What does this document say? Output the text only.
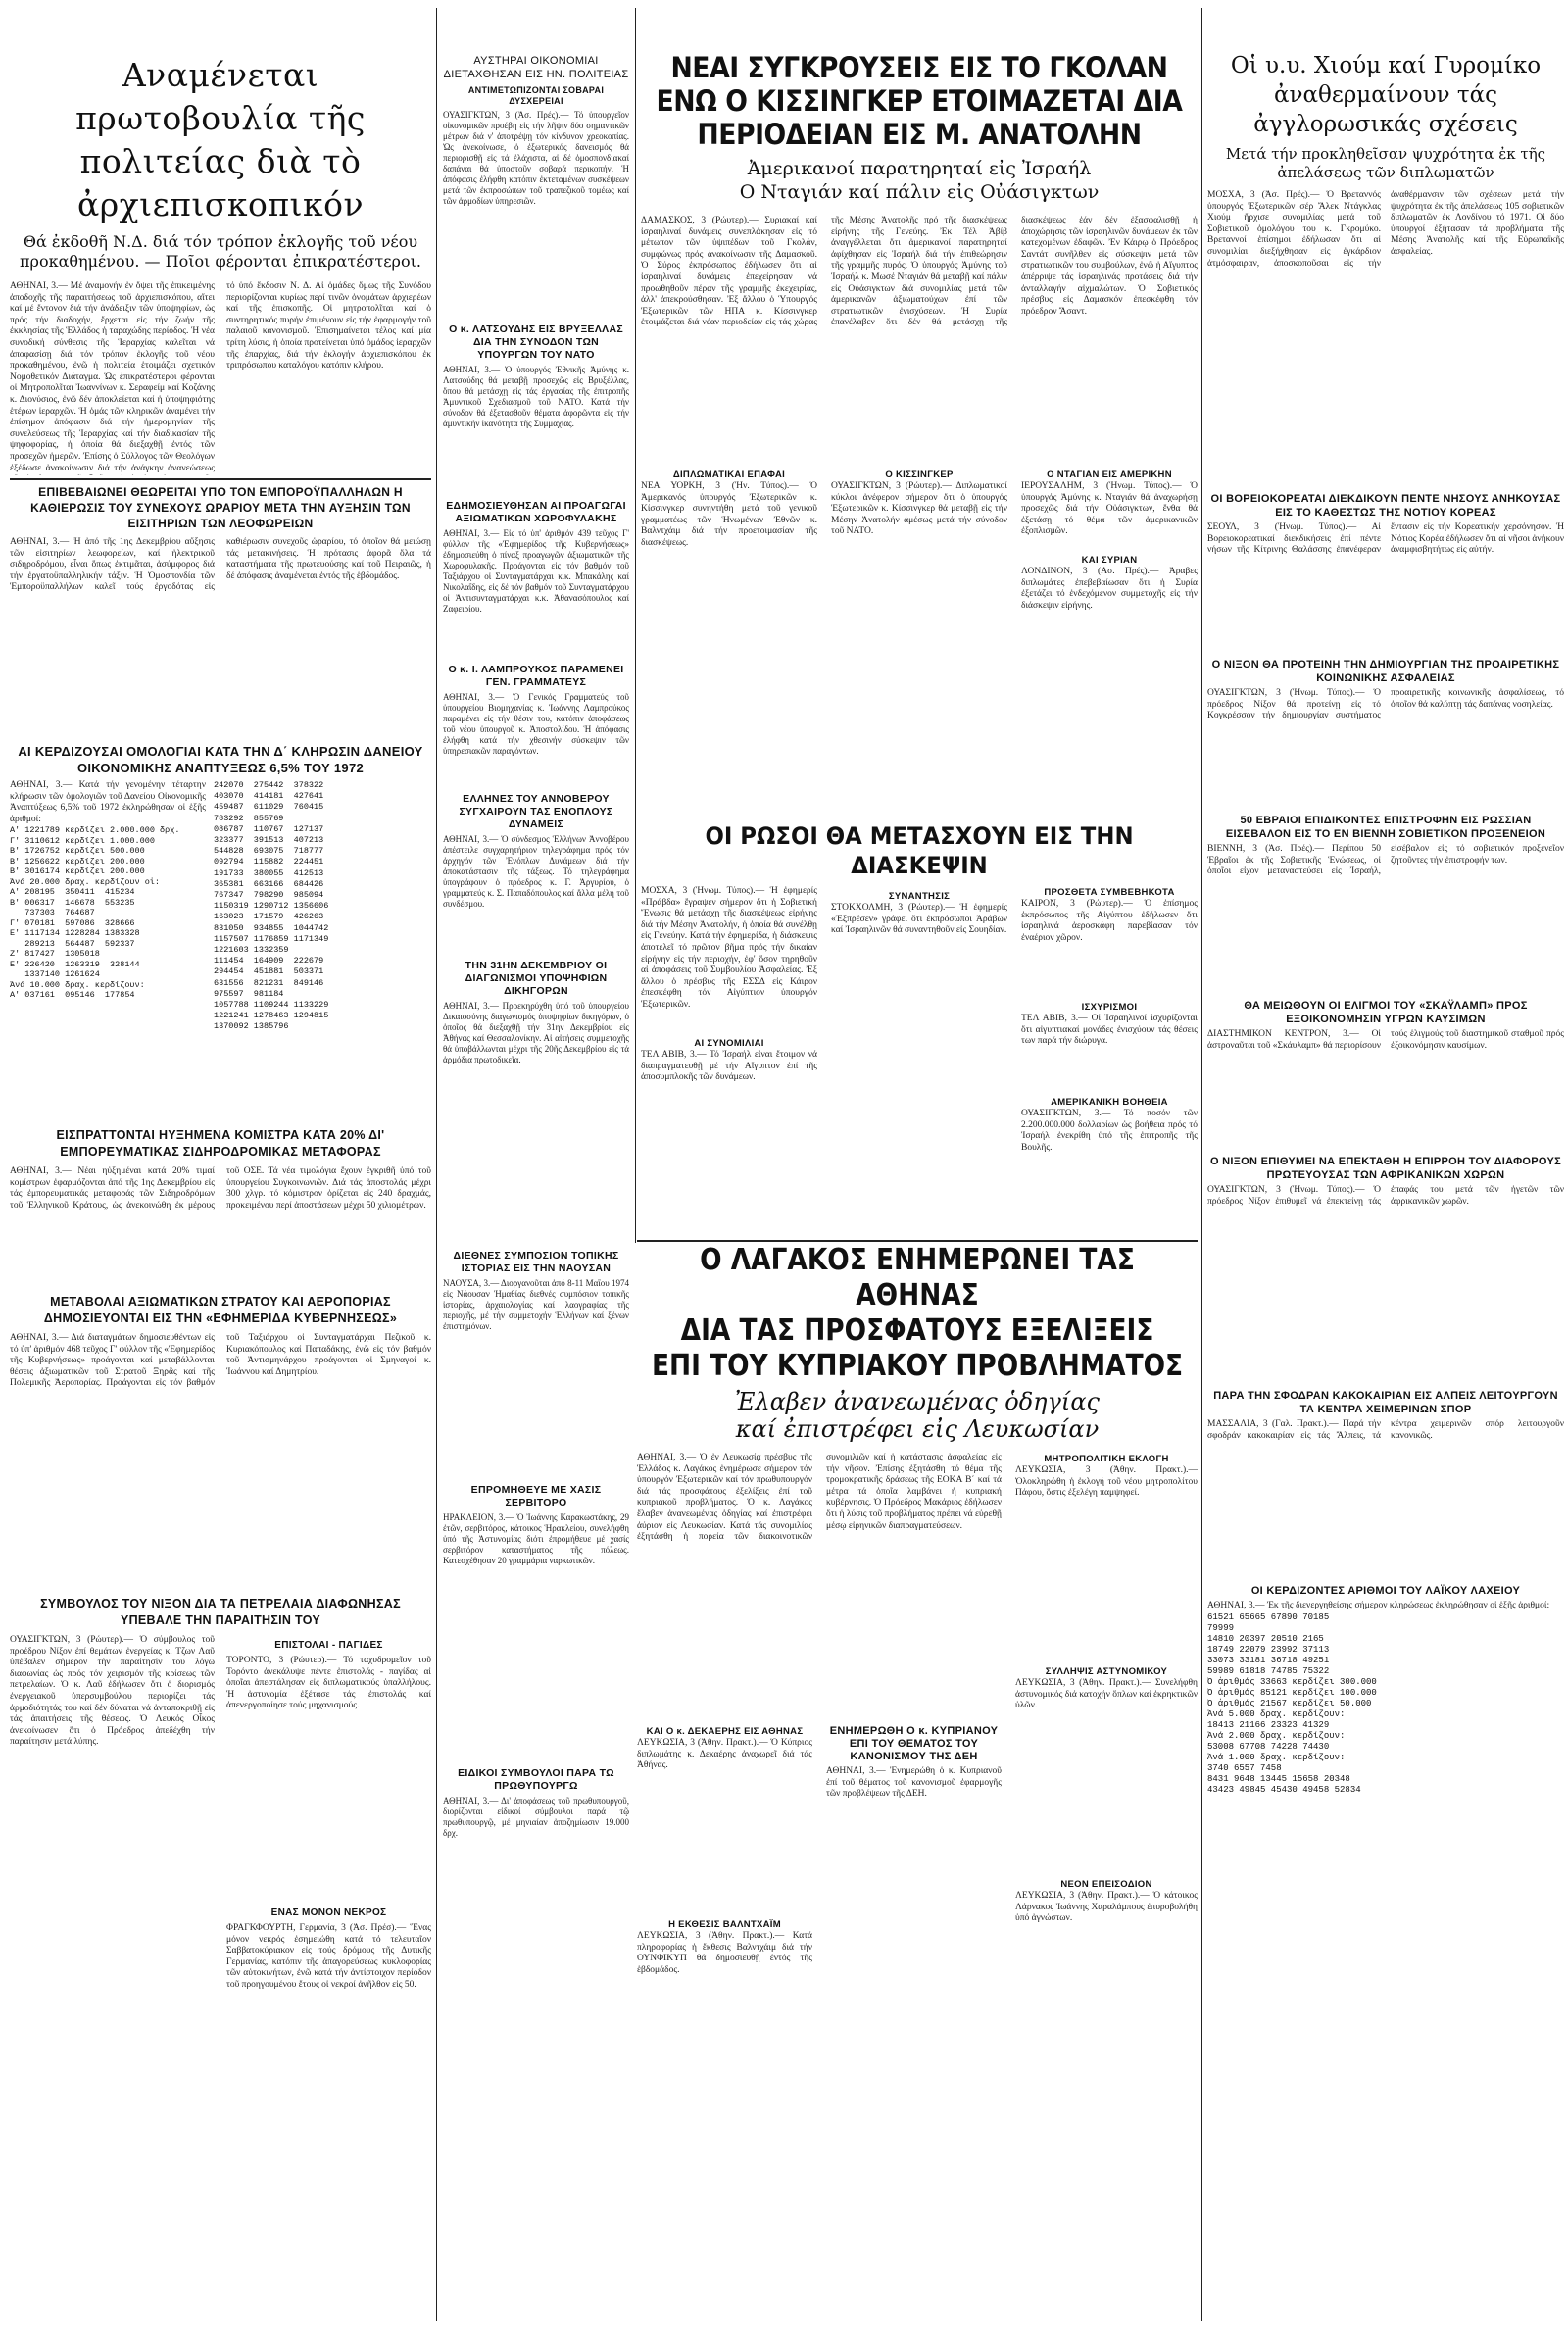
Αναμένεται πρωτοβουλία τῆς πολιτείας διὰ τὸ ἀρχιεπισκοπικόν
Θά ἐκδοθῆ Ν.Δ. διά τόν τρόπον ἐκλογῆς τοῦ νέου προκαθημένου. — Ποῖοι φέρονται ἐπικρατέστεροι.
ΑΘΗΝΑΙ, 3.— Μέ ἀναμονήν ἐν ὄψει τῆς ἐπικειμένης ἀποδοχῆς τῆς παραιτήσεως τοῦ ἀρχιεπισκόπου, αἴτει καί μέ ἔντονον διά τήν ἀνάδειξιν τῶν ὑποψηφίων, ὡς πρός τήν διαδοχήν, ἔρχεται εἰς τήν ζωήν τῆς ἐκκλησίας τῆς Ἑλλάδος ἡ ταραχώδης περίοδος. Ἡ νέα συνοδική σύνθεσις τῆς Ἱεραρχίας καλεῖται νά ἀποφασίσῃ διά τόν τρόπον ἐκλογῆς τοῦ νέου προκαθημένου, ἐνῶ ἡ πολιτεία ἑτοιμάζει σχετικόν Νομοθετικόν Διάταγμα. Ὡς ἐπικρατέστεροι φέρονται οἱ Μητροπολῖται Ἰωαννίνων κ. Σεραφείμ καί Κοζάνης κ. Διονύσιος, ἐνῶ δέν ἀποκλείεται καί ἡ ὑποψηφιότης ἑτέρων ἱεραρχῶν. Ἡ ὁμάς τῶν κληρικῶν ἀναμένει τήν ἐπίσημον ἀπόφασιν διά τήν ἡμερομηνίαν τῆς συνελεύσεως τῆς Ἱεραρχίας καί τήν διαδικασίαν τῆς ψηφοφορίας, ἡ ὁποία θά διεξαχθῇ ἐντός τῶν προσεχῶν ἡμερῶν. Ἐπίσης ὁ Σύλλογος τῶν Θεολόγων ἐξέδωσε ἀνακοίνωσιν διά τήν ἀνάγκην ἀνανεώσεως
τό ὑπό ἔκδοσιν Ν. Δ. Αἱ ὁμάδες ὅμως τῆς Συνόδου περιορίζονται κυρίως περί τινῶν ὀνομάτων ἀρχιερέων καί τῆς ἐπισκοπῆς. Οἱ μητροπολῖται καί ὁ συντηρητικός πυρήν ἐπιμένουν εἰς τήν ἐφαρμογήν τοῦ παλαιοῦ κανονισμοῦ. Ἐπισημαίνεται τέλος καί μία τρίτη λύσις, ἡ ὁποία προτείνεται ὑπό ὁμάδος ἱεραρχῶν τῆς ἐπαρχίας, διά τήν ἐκλογήν ἀρχιεπισκόπου ἐκ τριπρόσωπου καταλόγου κατόπιν κλήρου.
ΕΠΙΒΕΒΑΙΩΝΕΙ ΘΕΩΡΕΙΤΑΙ ΥΠΟ ΤΟΝ ΕΜΠΟΡΟΫΠΑΛΛΗΛΩΝ Η ΚΑΘΙΕΡΩΣΙΣ ΤΟΥ ΣΥΝΕΧΟΥΣ ΩΡΑΡΙΟΥ ΜΕΤΑ ΤΗΝ ΑΥΞΗΣΙΝ ΤΩΝ ΕΙΣΙΤΗΡΙΩΝ ΤΩΝ ΛΕΟΦΩΡΕΙΩΝ
ΑΘΗΝΑΙ, 3.— Ἡ ἀπό τῆς 1ης Δεκεμβρίου αὔξησις τῶν εἰσιτηρίων λεωφορείων, καί ἠλεκτρικοῦ σιδηροδρόμου, εἶναι ὅπως ἐκτιμᾶται, ἀσύμφορος διά τήν ἐργατοϋπαλληλικήν τάξιν. Ἡ Ὁμοσπονδία τῶν Ἐμποροϋπαλλήλων καλεῖ τούς ἐργοδότας εἰς καθιέρωσιν συνεχοῦς ὡραρίου, τό ὁποῖον θά μειώσῃ τάς μετακινήσεις. Ἡ πρότασις ἀφορᾶ ὅλα τά καταστήματα τῆς πρωτευούσης καί τοῦ Πειραιῶς, ἡ δέ ἀπόφασις ἀναμένεται ἐντός τῆς ἑβδομάδος.
ΑΙ ΚΕΡΔΙΖΟΥΣΑΙ ΟΜΟΛΟΓΙΑΙ ΚΑΤΑ ΤΗΝ Δ΄ ΚΛΗΡΩΣΙΝ ΔΑΝΕΙΟΥ ΟΙΚΟΝΟΜΙΚΗΣ ΑΝΑΠΤΥΞΕΩΣ 6,5% ΤΟΥ 1972
ΑΘΗΝΑΙ, 3.— Κατά τήν γενομένην τέταρτην κλήρωσιν τῶν ὁμολογιῶν τοῦ Δανείου Οἰκονομικῆς Ἀναπτύξεως 6,5% τοῦ 1972 ἐκληρώθησαν οἱ ἑξῆς ἀριθμοί:
Α' 1221789 κερδίζει 2.000.000 δρχ.
Γ' 3110612 κερδίζει 1.000.000
Β' 1726752 κερδίζει 500.000
Β' 1256622 κερδίζει 200.000
Β' 3016174 κερδίζει 200.000
Ἀνά 20.000 δραχ. κερδίζουν οἱ:
Α' 208195  350411  415234
Β' 006317  146678  553235
737303  764687
Γ' 070181  597086  328666
Ε' 1117134 1228284 1383328
289213  564487  592337
Ζ' 817427  1305018
Ε' 226420  1263319  328144
1337140 1261624
Ἀνά 10.000 δραχ. κερδίζουν:
Α' 037161  095146  177854
242070  275442  378322
403070  414181  427641
459487  611029  760415
783292  855769
086787  110767  127137
323377  391513  407213
544828  693075  718777
092794  115882  224451
191733  380055  412513
365381  663166  684426
767347  798290  985094
1150319 1290712 1356606
163023  171579  426263
831050  934855  1044742
1157507 1176859 1171349
1221603 1332359
111454  164909  222679
294454  451881  503371
631556  821231  849146
975597  981184
1057788 1109244 1133229
1221241 1278463 1294815
1370092 1385796
ΕΙΣΠΡΑΤΤΟΝΤΑΙ ΗΥΞΗΜΕΝΑ ΚΟΜΙΣΤΡΑ ΚΑΤΑ 20% ΔΙ' ΕΜΠΟΡΕΥΜΑΤΙΚΑΣ ΣΙΔΗΡΟΔΡΟΜΙΚΑΣ ΜΕΤΑΦΟΡΑΣ
ΑΘΗΝΑΙ, 3.— Νέαι ηὐξημέναι κατά 20% τιμαί κομίστρων ἐφαρμόζονται ἀπό τῆς 1ης Δεκεμβρίου εἰς τάς ἐμπορευματικάς μεταφοράς τῶν Σιδηροδρόμων τοῦ Ἑλληνικοῦ Κράτους, ὡς ἀνεκοινώθη ἐκ μέρους τοῦ ΟΣΕ. Τά νέα τιμολόγια ἔχουν ἐγκριθῆ ὑπό τοῦ ὑπουργείου Συγκοινωνιῶν. Διά τάς ἀποστολάς μέχρι 300 χλγρ. τό κόμιστρον ὁρίζεται εἰς 240 δραχμάς, προκειμένου περί ἀποστάσεων μέχρι 50 χιλιομέτρων.
ΜΕΤΑΒΟΛΑΙ ΑΞΙΩΜΑΤΙΚΩΝ ΣΤΡΑΤΟΥ ΚΑΙ ΑΕΡΟΠΟΡΙΑΣ ΔΗΜΟΣΙΕΥΟΝΤΑΙ ΕΙΣ ΤΗΝ «ΕΦΗΜΕΡΙΔΑ ΚΥΒΕΡΝΗΣΕΩΣ»
ΑΘΗΝΑΙ, 3.— Διά διαταγμάτων δημοσιευθέντων εἰς τό ὑπ' ἀριθμόν 468 τεῦχος Γ' φύλλον τῆς «Ἐφημερίδος τῆς Κυβερνήσεως» προάγονται καί μεταβάλλονται θέσεις ἀξιωματικῶν τοῦ Στρατοῦ Ξηρᾶς καί τῆς Πολεμικῆς Ἀεροπορίας. Προάγονται εἰς τόν βαθμόν τοῦ Ταξιάρχου οἱ Συνταγματάρχαι Πεζικοῦ κ. Κυριακόπουλος καί Παπαδάκης, ἐνῶ εἰς τόν βαθμόν τοῦ Ἀντισμηνάρχου προάγονται οἱ Σμηναγοί κ. Ἰωάννου καί Δημητρίου.
ΣΥΜΒΟΥΛΟΣ ΤΟΥ ΝΙΞΟΝ ΔΙΑ ΤΑ ΠΕΤΡΕΛΑΙΑ ΔΙΑΦΩΝΗΣΑΣ ΥΠΕΒΑΛΕ ΤΗΝ ΠΑΡΑΙΤΗΣΙΝ ΤΟΥ
ΟΥΑΣΙΓΚΤΩΝ, 3 (Ρώυτερ).— Ὁ σύμβουλος τοῦ προέδρου Νίξον ἐπί θεμάτων ἐνεργείας κ. Τζων Λαῦ ὑπέβαλεν σήμερον τήν παραίτησίν του λόγω διαφωνίας ὡς πρός τόν χειρισμόν τῆς κρίσεως τῶν πετρελαίων. Ὁ κ. Λαῦ ἐδήλωσεν ὅτι ὁ διορισμός ἐνεργειακοῦ ὑπερσυμβούλου περιορίζει τάς ἁρμοδιότητάς του καί δέν δύναται νά ἀνταποκριθῇ εἰς τάς ἀπαιτήσεις τῆς θέσεως. Ὁ Λευκός Οἶκος ἀνεκοίνωσεν ὅτι ὁ Πρόεδρος ἀπεδέχθη τήν παραίτησιν μετά λύπης.
ΕΠΙΣΤΟΛΑΙ - ΠΑΓΙΔΕΣ
ΤΟΡΟΝΤΟ, 3 (Ρώυτερ).— Τό ταχυδρομεῖον τοῦ Τορόντο ἀνεκάλυψε πέντε ἐπιστολάς - παγίδας αἱ ὁποῖαι ἀπεστάλησαν εἰς διπλωματικούς ὑπαλλήλους. Ἡ ἀστυνομία ἐξέτασε τάς ἐπιστολάς καί ἀπενεργοποίησε τούς μηχανισμούς.
ΕΝΑΣ ΜΟΝΟΝ ΝΕΚΡΟΣ
ΦΡΑΓΚΦΟΥΡΤΗ, Γερμανία, 3 (Ἀσ. Πρέσ).— Ἕνας μόνον νεκρός ἐσημειώθη κατά τό τελευταῖον Σαββατοκύριακον εἰς τούς δρόμους τῆς Δυτικῆς Γερμανίας, κατόπιν τῆς ἀπαγορεύσεως κυκλοφορίας τῶν αὐτοκινήτων, ἐνῶ κατά τήν ἀντίστοιχον περίοδον τοῦ προηγουμένου ἔτους οἱ νεκροί ἀνῆλθον εἰς 50.
ΑΥΣΤΗΡΑΙ ΟΙΚΟΝΟΜΙΑΙ ΔΙΕΤΑΧΘΗΣΑΝ ΕΙΣ ΗΝ. ΠΟΛΙΤΕΙΑΣ
ΑΝΤΙΜΕΤΩΠΙΖΟΝΤΑΙ ΣΟΒΑΡΑΙ ΔΥΣΧΕΡΕΙΑΙ
ΟΥΑΣΙΓΚΤΩΝ, 3 (Ἀσ. Πρές).— Τό ὑπουργεῖον οἰκονομικῶν προέβη εἰς τήν λῆψιν δύο σημαντικῶν μέτρων διά ν' ἀποτρέψῃ τόν κίνδυνον χρεοκοπίας. Ὡς ἀνεκοίνωσε, ὁ ἐξωτερικός δανεισμός θά περιορισθῇ εἰς τά ἐλάχιστα, αἱ δέ ὁμοσπονδιακαί δαπάναι θά ὑποστοῦν σοβαρά περικοπήν. Ἡ ἀπόφασις ἐλήφθη κατόπιν ἐκτεταμένων συσκέψεων μετά τῶν ἐκπροσώπων τοῦ τραπεζικοῦ τομέως καί τῶν ἁρμοδίων ὑπηρεσιῶν.
Ο κ. ΛΑΤΣΟΥΔΗΣ ΕΙΣ ΒΡΥΞΕΛΛΑΣ ΔΙΑ ΤΗΝ ΣΥΝΟΔΟΝ ΤΩΝ ΥΠΟΥΡΓΩΝ ΤΟΥ ΝΑΤΟ
ΑΘΗΝΑΙ, 3.— Ὁ ὑπουργός Ἐθνικῆς Ἀμύνης κ. Λατσούδης θά μεταβῇ προσεχῶς εἰς Βρυξέλλας, ὅπου θά μετάσχῃ εἰς τάς ἐργασίας τῆς ἐπιτροπῆς Ἀμυντικοῦ Σχεδιασμοῦ τοῦ ΝΑΤΟ. Κατά τήν σύνοδον θά ἐξετασθοῦν θέματα ἀφορῶντα εἰς τήν ἀμυντικήν ἱκανότητα τῆς Συμμαχίας.
ΕΔΗΜΟΣΙΕΥΘΗΣΑΝ ΑΙ ΠΡΟΑΓΩΓΑΙ ΑΞΙΩΜΑΤΙΚΩΝ ΧΩΡΟΦΥΛΑΚΗΣ
ΑΘΗΝΑΙ, 3.— Εἰς τό ὑπ' ἀριθμόν 439 τεῦχος Γ' φύλλον τῆς «Ἐφημερίδος τῆς Κυβερνήσεως» ἐδημοσιεύθη ὁ πίναξ προαγωγῶν ἀξιωματικῶν τῆς Χωροφυλακῆς. Προάγονται εἰς τόν βαθμόν τοῦ Ταξιάρχου οἱ Συνταγματάρχαι κ.κ. Μπακάλης καί Νικολαΐδης, εἰς δέ τόν βαθμόν τοῦ Συνταγματάρχου οἱ Ἀντισυνταγματάρχαι κ.κ. Ἀθανασόπουλος καί Ζαφειρίου.
Ο κ. Ι. ΛΑΜΠΡΟΥΚΟΣ ΠΑΡΑΜΕΝΕΙ ΓΕΝ. ΓΡΑΜΜΑΤΕΥΣ
ΑΘΗΝΑΙ, 3.— Ὁ Γενικός Γραμματεύς τοῦ ὑπουργείου Βιομηχανίας κ. Ἰωάννης Λαμπρούκος παραμένει εἰς τήν θέσιν του, κατόπιν ἀποφάσεως τοῦ νέου ὑπουργοῦ κ. Ἀποστολίδου. Ἡ ἀπόφασις ἐλήφθη κατά τήν χθεσινήν σύσκεψιν τῶν ὑπηρεσιακῶν παραγόντων.
ΕΛΛΗΝΕΣ ΤΟΥ ΑΝΝΟΒΕΡΟΥ ΣΥΓΧΑΙΡΟΥΝ ΤΑΣ ΕΝΟΠΛΟΥΣ ΔΥΝΑΜΕΙΣ
ΑΘΗΝΑΙ, 3.— Ὁ σύνδεσμος Ἑλλήνων Ἀννοβέρου ἀπέστειλε συγχαρητήριον τηλεγράφημα πρός τόν ἀρχηγόν τῶν Ἐνόπλων Δυνάμεων διά τήν ἀποκατάστασιν τῆς τάξεως. Τό τηλεγράφημα ὑπογράφουν ὁ πρόεδρος κ. Γ. Ἀργυρίου, ὁ γραμματεύς κ. Σ. Παπαδόπουλος καί ἄλλα μέλη τοῦ συνδέσμου.
ΤΗΝ 31ΗΝ ΔΕΚΕΜΒΡΙΟΥ ΟΙ ΔΙΑΓΩΝΙΣΜΟΙ ΥΠΟΨΗΦΙΩΝ ΔΙΚΗΓΟΡΩΝ
ΑΘΗΝΑΙ, 3.— Προεκηρύχθη ὑπό τοῦ ὑπουργείου Δικαιοσύνης διαγωνισμός ὑποψηφίων δικηγόρων, ὁ ὁποῖος θά διεξαχθῇ τήν 31ην Δεκεμβρίου εἰς Ἀθήνας καί Θεσσαλονίκην. Αἱ αἰτήσεις συμμετοχῆς θά ὑποβάλλωνται μέχρι τῆς 20ῆς Δεκεμβρίου εἰς τά ἁρμόδια πρωτοδικεῖα.
ΔΙΕΘΝΕΣ ΣΥΜΠΟΣΙΟΝ ΤΟΠΙΚΗΣ ΙΣΤΟΡΙΑΣ ΕΙΣ ΤΗΝ ΝΑΟΥΣΑΝ
ΝΑΟΥΣΑ, 3.— Διοργανοῦται ἀπό 8-11 Μαΐου 1974 εἰς Νάουσαν Ἡμαθίας διεθνές συμπόσιον τοπικῆς ἱστορίας, ἀρχαιολογίας καί λαογραφίας τῆς περιοχῆς, μέ τήν συμμετοχήν Ἑλλήνων καί ξένων ἐπιστημόνων.
ΕΠΡΟΜΗΘΕΥΕ ΜΕ ΧΑΣΙΣ ΣΕΡΒΙΤΟΡΟ
ΗΡΑΚΛΕΙΟΝ, 3.— Ὁ Ἰωάννης Καρακωστάκης, 29 ἐτῶν, σερβιτόρος, κάτοικος Ἡρακλείου, συνελήφθη ὑπό τῆς Ἀστυνομίας διότι ἐπρομήθευε μέ χασίς σερβιτόρον καταστήματος τῆς πόλεως. Κατεσχέθησαν 20 γραμμάρια ναρκωτικῶν.
ΕΙΔΙΚΟΙ ΣΥΜΒΟΥΛΟΙ ΠΑΡΑ ΤΩ ΠΡΩΘΥΠΟΥΡΓΩ
ΑΘΗΝΑΙ, 3.— Δι' ἀποφάσεως τοῦ πρωθυπουργοῦ, διορίζονται εἰδικοί σύμβουλοι παρά τῷ πρωθυπουργῷ, μέ μηνιαίαν ἀποζημίωσιν 19.000 δρχ.
ΝΕΑΙ ΣΥΓΚΡΟΥΣΕΙΣ ΕΙΣ ΤΟ ΓΚΟΛΑΝ ΕΝΩ Ο ΚΙΣΣΙΝΓΚΕΡ ΕΤΟΙΜΑΖΕΤΑΙ ΔΙΑ ΠΕΡΙΟΔΕΙΑΝ ΕΙΣ Μ. ΑΝΑΤΟΛΗΝ
Ἀμερικανοί παρατηρηταί εἰς Ἰσραήλ
Ο Νταγιάν καί πάλιν εἰς Οὐάσιγκτων
ΔΑΜΑΣΚΟΣ, 3 (Ρώυτερ).— Συριακαί καί ἰσραηλιναί δυνάμεις συνεπλάκησαν εἰς τό μέτωπον τῶν ὑψιπέδων τοῦ Γκολάν, συμφώνως πρός ἀνακοίνωσιν τῆς Δαμασκοῦ. Ὁ Σύρος ἐκπρόσωπος ἐδήλωσεν ὅτι αἱ ἰσραηλιναί δυνάμεις ἐπεχείρησαν νά προωθηθοῦν πέραν τῆς γραμμῆς ἐκεχειρίας, ἀλλ' ἀπεκρούσθησαν. Ἐξ ἄλλου ὁ Ὑπουργός Ἐξωτερικῶν τῶν ΗΠΑ κ. Κίσσινγκερ ἑτοιμάζεται διά νέαν περιοδείαν εἰς τάς χώρας τῆς Μέσης Ἀνατολῆς πρό τῆς διασκέψεως εἰρήνης τῆς Γενεύης. Ἐκ Τέλ Ἀβίβ ἀναγγέλλεται ὅτι ἀμερικανοί παρατηρηταί ἀφίχθησαν εἰς Ἰσραήλ διά τήν ἐπιθεώρησιν τῆς γραμμῆς πυρός. Ὁ ὑπουργός Ἀμύνης τοῦ Ἰσραήλ κ. Μωσέ Νταγιάν θά μεταβῇ καί πάλιν εἰς Οὐάσιγκτων διά συνομιλίας μετά τῶν ἀμερικανῶν ἀξιωματούχων ἐπί τῶν στρατιωτικῶν ἐνισχύσεων. Ἡ Συρία ἐπανέλαβεν ὅτι δέν θά μετάσχῃ τῆς διασκέψεως ἐάν δέν ἐξασφαλισθῇ ἡ ἀποχώρησις τῶν ἰσραηλινῶν δυνάμεων ἐκ τῶν κατεχομένων ἐδαφῶν. Ἐν Κάιρῳ ὁ Πρόεδρος Σαντάτ συνῆλθεν εἰς σύσκεψιν μετά τῶν στρατιωτικῶν του συμβούλων, ἐνῶ ἡ Αἴγυπτος ἀπέρριψε τάς ἰσραηλινάς προτάσεις διά τήν ἀνταλλαγήν αἰχμαλώτων. Ὁ Σοβιετικός πρέσβυς εἰς Δαμασκόν ἐπεσκέφθη τόν πρόεδρον Ἄσαντ.
ΔΙΠΛΩΜΑΤΙΚΑΙ ΕΠΑΦΑΙ
ΝΕΑ ΥΟΡΚΗ, 3 (Ἡν. Τύπος).— Ὁ Ἀμερικανός ὑπουργός Ἐξωτερικῶν κ. Κίσσινγκερ συνηντήθη μετά τοῦ γενικοῦ γραμματέως τῶν Ἡνωμένων Ἐθνῶν κ. Βαλντχάιμ διά τήν προετοιμασίαν τῆς διασκέψεως.
Ο ΚΙΣΣΙΝΓΚΕΡ
ΟΥΑΣΙΓΚΤΩΝ, 3 (Ρώυτερ).— Διπλωματικοί κύκλοι ἀνέφερον σήμερον ὅτι ὁ ὑπουργός Ἐξωτερικῶν κ. Κίσσινγκερ θά μεταβῇ εἰς τήν Μέσην Ἀνατολήν ἀμέσως μετά τήν σύνοδον τοῦ ΝΑΤΟ.
Ο ΝΤΑΓΙΑΝ ΕΙΣ ΑΜΕΡΙΚΗΝ
ΙΕΡΟΥΣΑΛΗΜ, 3 (Ἡνωμ. Τύπος).— Ὁ ὑπουργός Ἀμύνης κ. Νταγιάν θά ἀναχωρήσῃ προσεχῶς διά τήν Οὐάσιγκτων, ἔνθα θά ἐξετάσῃ τό θέμα τῶν ἀμερικανικῶν ἐξοπλισμῶν.
ΚΑΙ ΣΥΡΙΑΝ
ΛΟΝΔΙΝΟΝ, 3 (Ἀσ. Πρές).— Ἀραβες διπλωμάτες ἐπεβεβαίωσαν ὅτι ἡ Συρία ἐξετάζει τό ἐνδεχόμενον συμμετοχῆς εἰς τήν διάσκεψιν εἰρήνης.
ΟΙ ΡΩΣΟΙ ΘΑ ΜΕΤΑΣΧΟΥΝ ΕΙΣ ΤΗΝ ΔΙΑΣΚΕΨΙΝ
ΜΟΣΧΑ, 3 (Ἡνωμ. Τύπος).— Ἡ ἐφημερίς «Πράβδα» ἔγραψεν σήμερον ὅτι ἡ Σοβιετική Ἕνωσις θά μετάσχῃ τῆς διασκέψεως εἰρήνης διά τήν Μέσην Ἀνατολήν, ἡ ὁποία θά συνέλθῃ εἰς Γενεύην. Κατά τήν ἐφημερίδα, ἡ διάσκεψις ἀποτελεῖ τό πρῶτον βῆμα πρός τήν δικαίαν εἰρήνην εἰς τήν περιοχήν, ἐφ' ὅσον τηρηθοῦν αἱ ἀποφάσεις τοῦ Συμβουλίου Ἀσφαλείας. Ἐξ ἄλλου ὁ πρέσβυς τῆς ΕΣΣΔ εἰς Κάιρον ἐπεσκέφθη τόν Αἰγύπτιον ὑπουργόν Ἐξωτερικῶν.
ΑΙ ΣΥΝΟΜΙΛΙΑΙ
ΤΕΛ ΑΒΙΒ, 3.— Τό Ἰσραήλ εἶναι ἕτοιμον νά διαπραγματευθῇ μέ τήν Αἴγυπτον ἐπί τῆς ἀποσυμπλοκῆς τῶν δυνάμεων.
ΣΥΝΑΝΤΗΣΙΣ
ΣΤΟΚΧΟΛΜΗ, 3 (Ρώυτερ).— Ἡ ἐφημερίς «Ἐξπρέσεν» γράφει ὅτι ἐκπρόσωποι Ἀράβων καί Ἰσραηλινῶν θά συναντηθοῦν εἰς Σουηδίαν.
ΠΡΟΣΘΕΤΑ ΣΥΜΒΕΒΗΚΟΤΑ
ΚΑΙΡΟΝ, 3 (Ρώυτερ).— Ὁ ἐπίσημος ἐκπρόσωπος τῆς Αἰγύπτου ἐδήλωσεν ὅτι ἰσραηλινά ἀεροσκάφη παρεβίασαν τόν ἐναέριον χῶρον.
ΙΣΧΥΡΙΣΜΟΙ
ΤΕΛ ΑΒΙΒ, 3.— Οἱ Ἰσραηλινοί ἰσχυρίζονται ὅτι αἰγυπτιακαί μονάδες ἐνισχύουν τάς θέσεις των παρά τήν διώρυγα.
ΑΜΕΡΙΚΑΝΙΚΗ ΒΟΗΘΕΙΑ
ΟΥΑΣΙΓΚΤΩΝ, 3.— Τό ποσόν τῶν 2.200.000.000 δολλαρίων ὡς βοήθεια πρός τό Ἰσραήλ ἐνεκρίθη ὑπό τῆς ἐπιτροπῆς τῆς Βουλῆς.
Ο ΛΑΓΑΚΟΣ ΕΝΗΜΕΡΩΝΕΙ ΤΑΣ ΑΘΗΝΑΣ
ΔΙΑ ΤΑΣ ΠΡΟΣΦΑΤΟΥΣ ΕΞΕΛΙΞΕΙΣ
ΕΠΙ ΤΟΥ ΚΥΠΡΙΑΚΟΥ ΠΡΟΒΛΗΜΑΤΟΣ
Ἐλαβεν ἀνανεωμένας ὁδηγίας
καί ἐπιστρέφει εἰς Λευκωσίαν
ΑΘΗΝΑΙ, 3.— Ὁ ἐν Λευκωσίᾳ πρέσβυς τῆς Ἑλλάδος κ. Λαγάκος ἐνημέρωσε σήμερον τόν ὑπουργόν Ἐξωτερικῶν καί τόν πρωθυπουργόν διά τάς προσφάτους ἐξελίξεις ἐπί τοῦ κυπριακοῦ προβλήματος. Ὁ κ. Λαγάκος ἔλαβεν ἀνανεωμένας ὁδηγίας καί ἐπιστρέφει ἀύριον εἰς Λευκωσίαν. Κατά τάς συνομιλίας ἐξητάσθη ἡ πορεία τῶν διακοινοτικῶν συνομιλιῶν καί ἡ κατάστασις ἀσφαλείας εἰς τήν νῆσον. Ἐπίσης ἐξητάσθη τό θέμα τῆς τρομοκρατικῆς δράσεως τῆς ΕΟΚΑ Β΄ καί τά μέτρα τά ὁποῖα λαμβάνει ἡ κυπριακή κυβέρνησις. Ὁ Πρόεδρος Μακάριος ἐδήλωσεν ὅτι ἡ λύσις τοῦ προβλήματος πρέπει νά εὑρεθῇ μέσῳ εἰρηνικῶν διαπραγματεύσεων.
ΚΑΙ Ο κ. ΔΕΚΑΕΡΗΣ ΕΙΣ ΑΘΗΝΑΣ
ΛΕΥΚΩΣΙΑ, 3 (Ἀθην. Πρακτ.).— Ὁ Κύπριος διπλωμάτης κ. Δεκαέρης ἀναχωρεῖ διά τάς Ἀθήνας.
Η ΕΚΘΕΣΙΣ ΒΑΛΝΤΧΑΪΜ
ΛΕΥΚΩΣΙΑ, 3 (Ἀθην. Πρακτ.).— Κατά πληροφορίας ἡ ἔκθεσις Βαλντχάιμ διά τήν ΟΥΝΦΙΚΥΠ θά δημοσιευθῇ ἐντός τῆς ἑβδομάδος.
ΕΝΗΜΕΡΩΘΗ Ο κ. ΚΥΠΡΙΑΝΟΥ ΕΠΙ ΤΟΥ ΘΕΜΑΤΟΣ ΤΟΥ ΚΑΝΟΝΙΣΜΟΥ ΤΗΣ ΔΕΗ
ΑΘΗΝΑΙ, 3.— Ἐνημερώθη ὁ κ. Κυπριανοῦ ἐπί τοῦ θέματος τοῦ κανονισμοῦ ἐφαρμογῆς τῶν προβλέψεων τῆς ΔΕΗ.
ΜΗΤΡΟΠΟΛΙΤΙΚΗ ΕΚΛΟΓΗ
ΛΕΥΚΩΣΙΑ, 3 (Ἀθην. Πρακτ.).— Ὁλοκληρώθη ἡ ἐκλογή τοῦ νέου μητροπολίτου Πάφου, ὅστις ἐξελέγη παμψηφεί.
ΣΥΛΛΗΨΙΣ ΑΣΤΥΝΟΜΙΚΟΥ
ΛΕΥΚΩΣΙΑ, 3 (Ἀθην. Πρακτ.).— Συνελήφθη ἀστυνομικός διά κατοχήν ὅπλων καί ἐκρηκτικῶν ὑλῶν.
ΝΕΟΝ ΕΠΕΙΣΟΔΙΟΝ
ΛΕΥΚΩΣΙΑ, 3 (Ἀθην. Πρακτ.).— Ὁ κάτοικος Λάρνακος Ἰωάννης Χαραλάμπους ἐπυροβολήθη ὑπό ἀγνώστων.
Οἱ υ.υ. Χιούμ καί Γυρομίκο ἀναθερμαίνουν τάς ἀγγλορωσικάς σχέσεις
Μετά τήν προκληθεῖσαν ψυχρότητα ἐκ τῆς ἀπελάσεως τῶν διπλωματῶν
ΜΟΣΧΑ, 3 (Ἀσ. Πρές).— Ὁ Βρεταννός ὑπουργός Ἐξωτερικῶν σέρ Ἄλεκ Ντάγκλας Χιούμ ἤρχισε συνομιλίας μετά τοῦ Σοβιετικοῦ ὁμολόγου του κ. Γκρομύκο. Βρεταννοί ἐπίσημοι ἐδήλωσαν ὅτι αἱ συνομιλίαι διεξήχθησαν εἰς ἐγκάρδιον ἀτμόσφαιραν, ἀποσκοποῦσαι εἰς τήν ἀναθέρμανσιν τῶν σχέσεων μετά τήν ψυχρότητα ἐκ τῆς ἀπελάσεως 105 σοβιετικῶν διπλωματῶν ἐκ Λονδίνου τό 1971. Οἱ δύο ὑπουργοί ἐξήτασαν τά προβλήματα τῆς Μέσης Ἀνατολῆς καί τῆς Εὐρωπαϊκῆς ἀσφαλείας.
ΟΙ ΒΟΡΕΙΟΚΟΡΕΑΤΑΙ ΔΙΕΚΔΙΚΟΥΝ ΠΕΝΤΕ ΝΗΣΟΥΣ ΑΝΗΚΟΥΣΑΣ ΕΙΣ ΤΟ ΚΑΘΕΣΤΩΣ ΤΗΣ ΝΟΤΙΟΥ ΚΟΡΕΑΣ
ΣΕΟΥΛ, 3 (Ἡνωμ. Τύπος).— Αἱ Βορειοκορεατικαί διεκδικήσεις ἐπί πέντε νήσων τῆς Κίτρινης Θαλάσσης ἐπανέφεραν ἔντασιν εἰς τήν Κορεατικήν χερσόνησον. Ἡ Νότιος Κορέα ἐδήλωσεν ὅτι αἱ νῆσοι ἀνήκουν ἀναμφισβητήτως εἰς αὐτήν.
Ο ΝΙΞΟΝ ΘΑ ΠΡΟΤΕΙΝΗ ΤΗΝ ΔΗΜΙΟΥΡΓΙΑΝ ΤΗΣ ΠΡΟΑΙΡΕΤΙΚΗΣ ΚΟΙΝΩΝΙΚΗΣ ΑΣΦΑΛΕΙΑΣ
ΟΥΑΣΙΓΚΤΩΝ, 3 (Ἡνωμ. Τύπος).— Ὁ πρόεδρος Νίξον θά προτείνῃ εἰς τό Κογκρέσσον τήν δημιουργίαν συστήματος προαιρετικῆς κοινωνικῆς ἀσφαλίσεως, τό ὁποῖον θά καλύπτῃ τάς δαπάνας νοσηλείας.
50 ΕΒΡΑΙΟΙ ΕΠΙΔΙΚΟΝΤΕΣ ΕΠΙΣΤΡΟΦΗΝ ΕΙΣ ΡΩΣΣΙΑΝ ΕΙΣΕΒΑΛΟΝ ΕΙΣ ΤΟ ΕΝ ΒΙΕΝΝΗ ΣΟΒΙΕΤΙΚΟΝ ΠΡΟΞΕΝΕΙΟΝ
ΒΙΕΝΝΗ, 3 (Ἀσ. Πρές).— Περίπου 50 Ἑβραῖοι ἐκ τῆς Σοβιετικῆς Ἑνώσεως, οἱ ὁποῖοι εἶχον μεταναστεύσει εἰς Ἰσραήλ, εἰσέβαλον εἰς τό σοβιετικόν προξενεῖον ζητοῦντες τήν ἐπιστροφήν των.
ΘΑ ΜΕΙΩΘΟΥΝ ΟΙ ΕΛΙΓΜΟΙ ΤΟΥ «ΣΚΑΫΛΑΜΠ» ΠΡΟΣ ΕΞΟΙΚΟΝΟΜΗΣΙΝ ΥΓΡΩΝ ΚΑΥΣΙΜΩΝ
ΔΙΑΣΤΗΜΙΚΟΝ ΚΕΝΤΡΟΝ, 3.— Οἱ ἀστροναῦται τοῦ «Σκάυλαμπ» θά περιορίσουν τούς ἑλιγμούς τοῦ διαστημικοῦ σταθμοῦ πρός ἐξοικονόμησιν καυσίμων.
Ο ΝΙΞΟΝ ΕΠΙΘΥΜΕΙ ΝΑ ΕΠΕΚΤΑΘΗ Η ΕΠΙΡΡΟΗ ΤΟΥ ΔΙΑΦΟΡΟΥΣ ΠΡΩΤΕΥΟΥΣΑΣ ΤΩΝ ΑΦΡΙΚΑΝΙΚΩΝ ΧΩΡΩΝ
ΟΥΑΣΙΓΚΤΩΝ, 3 (Ἡνωμ. Τύπος).— Ὁ πρόεδρος Νίξον ἐπιθυμεῖ νά ἐπεκτείνῃ τάς ἐπαφάς του μετά τῶν ἡγετῶν τῶν ἀφρικανικῶν χωρῶν.
ΠΑΡΑ ΤΗΝ ΣΦΟΔΡΑΝ ΚΑΚΟΚΑΙΡΙΑΝ ΕΙΣ ΑΛΠΕΙΣ ΛΕΙΤΟΥΡΓΟΥΝ ΤΑ ΚΕΝΤΡΑ ΧΕΙΜΕΡΙΝΩΝ ΣΠΟΡ
ΜΑΣΣΑΛΙΑ, 3 (Γαλ. Πρακτ.).— Παρά τήν σφοδράν κακοκαιρίαν εἰς τάς Ἄλπεις, τά κέντρα χειμερινῶν σπόρ λειτουργοῦν κανονικῶς.
ΟΙ ΚΕΡΔΙΖΟΝΤΕΣ ΑΡΙΘΜΟΙ ΤΟΥ ΛΑΪΚΟΥ ΛΑΧΕΙΟΥ
ΑΘΗΝΑΙ, 3.— Ἐκ τῆς διενεργηθείσης σήμερον κληρώσεως ἐκληρώθησαν οἱ ἑξῆς ἀριθμοί:
61521 65665 67890 70185
79999
14810 20397 20510 2165
18749 22079 23992 37113
33073 33181 36718 49251
59989 61818 74785 75322
Ὁ ἀριθμός 33663 κερδίζει 300.000
Ὁ ἀριθμός 85121 κερδίζει 100.000
Ὁ ἀριθμός 21567 κερδίζει 50.000
Ἀνά 5.000 δραχ. κερδίζουν:
18413 21166 23323 41329
Ἀνά 2.000 δραχ. κερδίζουν:
53008 67708 74228 74430
Ἀνά 1.000 δραχ. κερδίζουν:
3740 6557 7458
8431 9648 13445 15658 20348
43423 49845 45430 49458 52834
